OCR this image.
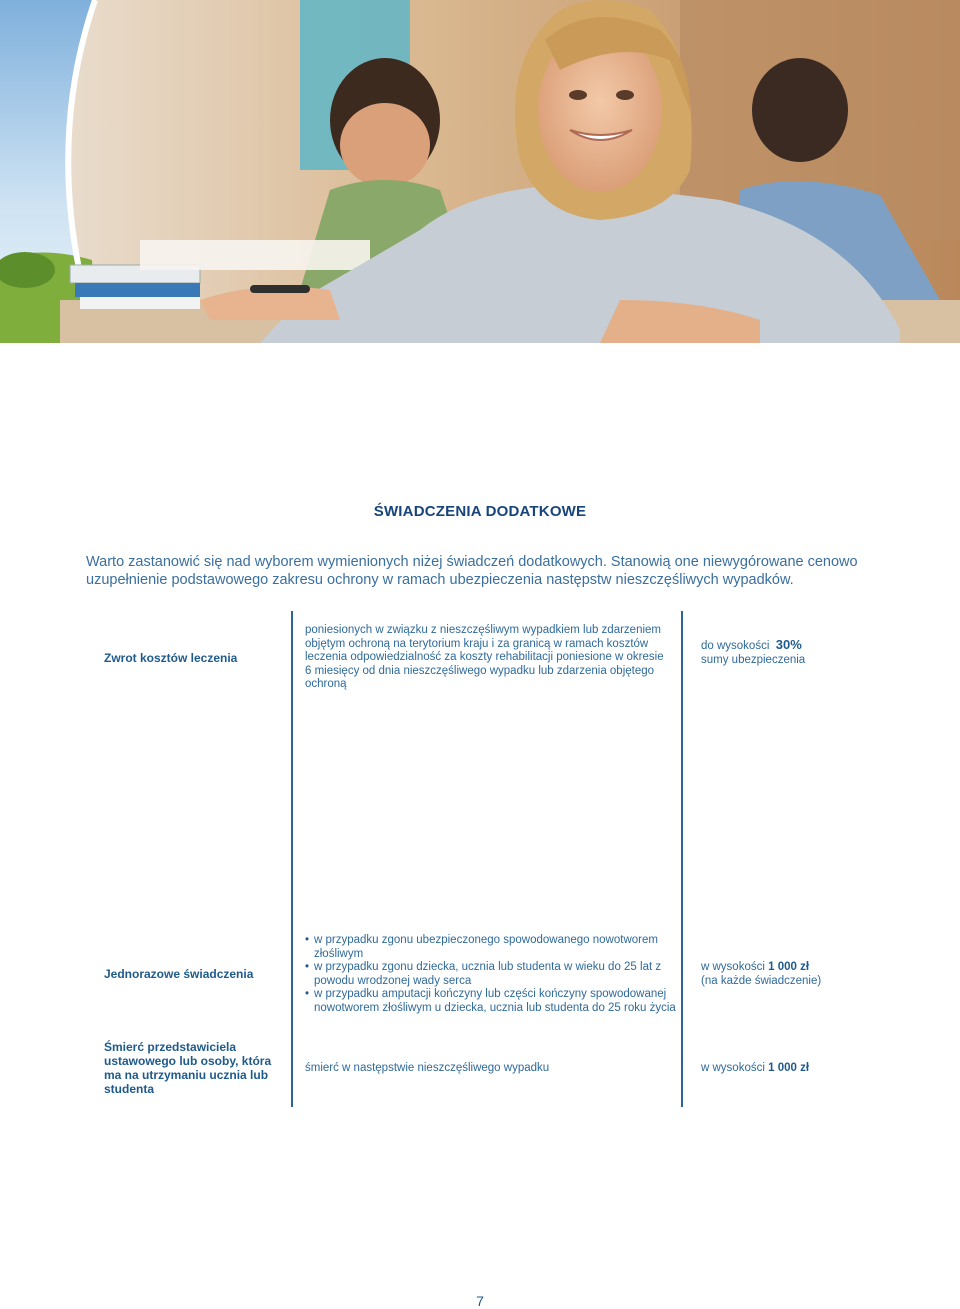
ŚWIADCZENIA DODATKOWE
Warto zastanowić się nad wyborem wymienionych niżej świadczeń dodatkowych. Stanowią one niewygórowane cenowo uzupełnienie podstawowego zakresu ochrony w ramach ubezpieczenia następstw nieszczęśliwych wypadków.
Zwrot kosztów leczenia
poniesionych w związku z nieszczęśliwym wypadkiem lub zdarzeniem objętym ochroną na terytorium kraju i za granicą w ramach kosztów leczenia odpowiedzialność za koszty rehabilitacji poniesione w okresie 6 miesięcy od dnia nieszczęśliwego wypadku lub zdarzenia objętego ochroną
do wysokości 30%
sumy ubezpieczenia
Jednorazowe świadczenia
• w przypadku zgonu ubezpieczonego spowodowanego nowotworem złośliwym
• w przypadku zgonu dziecka, ucznia lub studenta w wieku do 25 lat z powodu wrodzonej wady serca
• w przypadku amputacji kończyny lub części kończyny spowodowanej nowotworem złośliwym u dziecka, ucznia lub studenta do 25 roku życia
w wysokości 1 000 zł
(na każde świadczenie)
Śmierć przedstawiciela ustawowego lub osoby, która ma na utrzymaniu ucznia lub studenta
śmierć w następstwie nieszczęśliwego wypadku	w wysokości 1 000 zł
7
